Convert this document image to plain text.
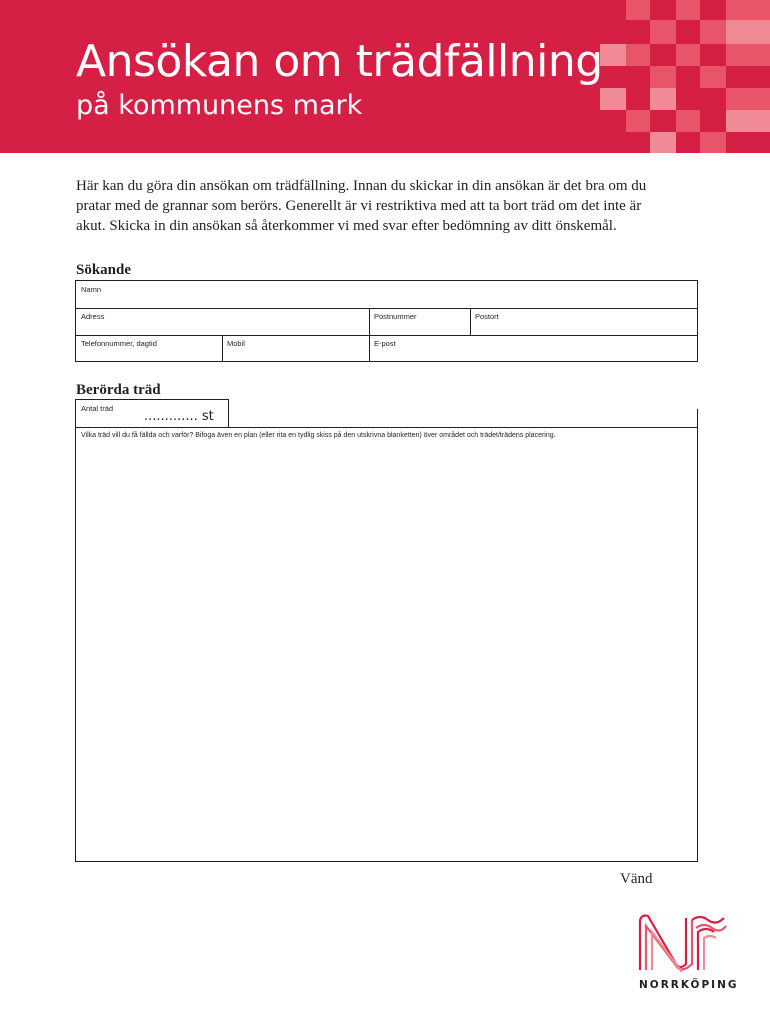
Ansökan om trädfällning
på kommunens mark

Här kan du göra din ansökan om trädfällning. Innan du skickar in din ansökan är det bra om du pratar med de grannar som berörs. Generellt är vi restriktiva med att ta bort träd om det inte är akut. Skicka in din ansökan så återkommer vi med svar efter bedömning av ditt önskemål.

Sökande
Namn
Adress	Postnummer	Postort
Telefonnummer, dagtid	Mobil	E-post
Berörda träd
Antal träd
............. st
Vilka träd vill du få fällda och varför? Bifoga även en plan (eller rita en tydlig skiss på den utskrivna blanketten) över området och trädet/trädens placering.
Vänd
NORRKÖPING
